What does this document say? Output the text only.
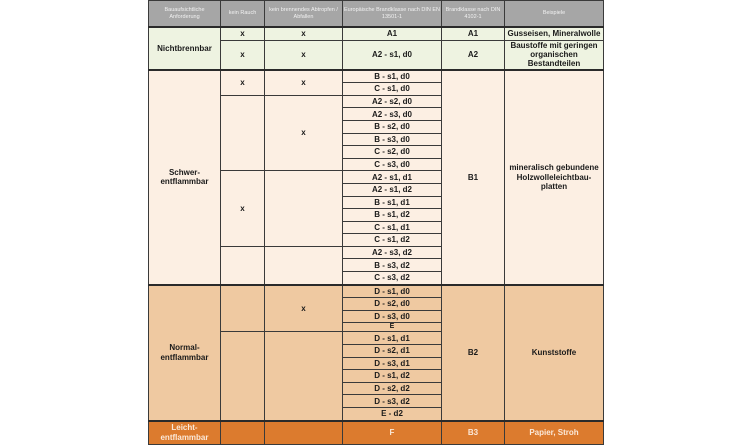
Bauaufsichtliche Anforderung	kein Rauch	kein brennendes Abtropfen / Abfallen	Europäische Brandklasse nach DIN EN 13501-1	Brandklasse nach DIN 4102-1	Beispiele
Nichtbrennbar	x	x	A1	A1	Gusseisen, Mineralwolle
	x	x	A2 - s1, d0	A2	Baustoffe mit geringen organischen Bestandteilen
Schwer-entflammbar	x	x	B - s1, d0	B1	mineralisch gebundene Holzwolleleichtbau-platten
			C - s1, d0		
		x	A2 - s2, d0		
			A2 - s3, d0		
			B - s2, d0		
			B - s3, d0		
			C - s2, d0		
			C - s3, d0		
	x		A2 - s1, d1		
			A2 - s1, d2		
			B - s1, d1		
			B - s1, d2		
			C - s1, d1		
			C - s1, d2		
			A2 - s3, d2		
			B - s3, d2		
			C - s3, d2		
Normal-entflammbar		x	D - s1, d0	B2	Kunststoffe
			D - s2, d0		
			D - s3, d0		
			E		
			D - s1, d1		
			D - s2, d1		
			D - s3, d1		
			D - s1, d2		
			D - s2, d2		
			D - s3, d2		
			E - d2		
Leicht-entflammbar			F	B3	Papier, Stroh
